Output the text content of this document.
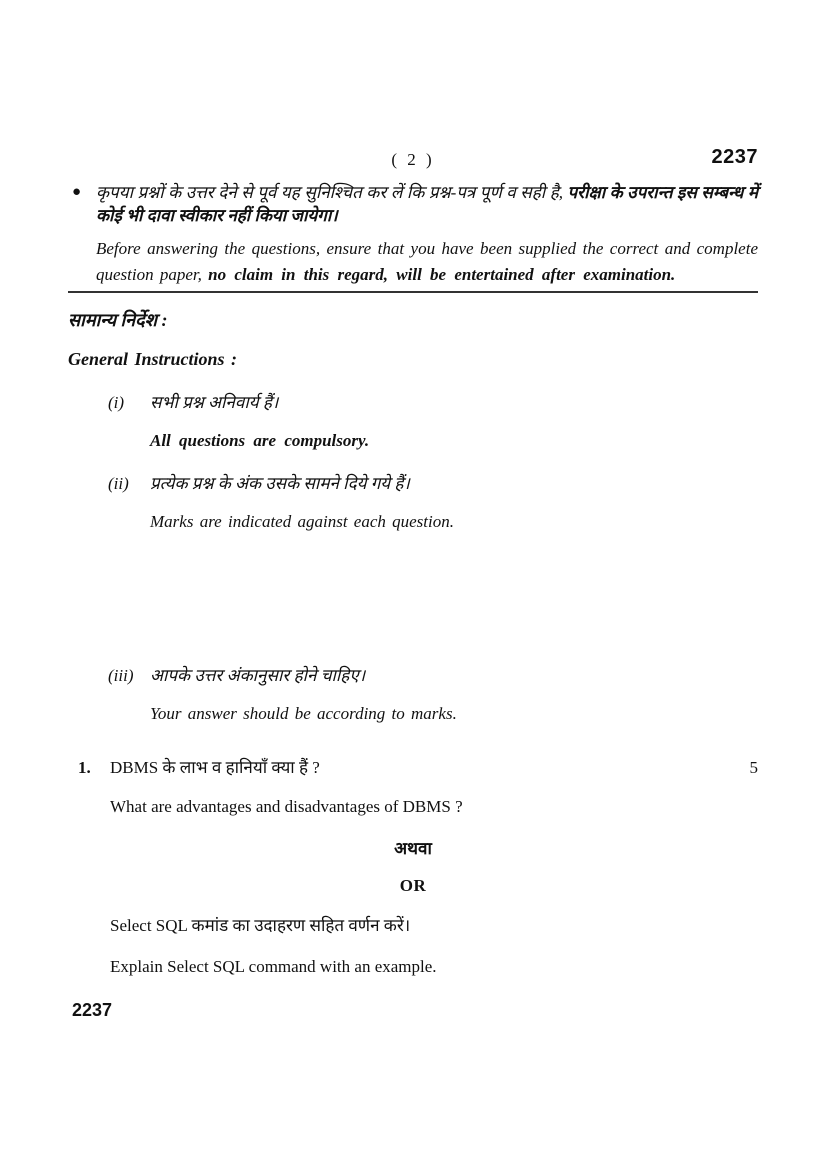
( 2 )	2237
● कृपया प्रश्नों के उत्तर देने से पूर्व यह सुनिश्चित कर लें कि प्रश्न-पत्र पूर्ण व सही है, परीक्षा के उपरान्त इस सम्बन्ध में कोई भी दावा स्वीकार नहीं किया जायेगा।
Before answering the questions, ensure that you have been supplied the correct and complete question paper, no claim in this regard, will be entertained after examination.
सामान्य निर्देश :
General Instructions :
(i)	सभी प्रश्न अनिवार्य हैं।
All questions are compulsory.
(ii)	प्रत्येक प्रश्न के अंक उसके सामने दिये गये हैं।
Marks are indicated against each question.
(iii) आपके उत्तर अंकानुसार होने चाहिए।
Your answer should be according to marks.
1.	DBMS के लाभ व हानियाँ क्या हैं ?	5
What are advantages and disadvantages of DBMS ?
अथवा
OR
Select SQL कमांड का उदाहरण सहित वर्णन करें।
Explain Select SQL command with an example.
2237
